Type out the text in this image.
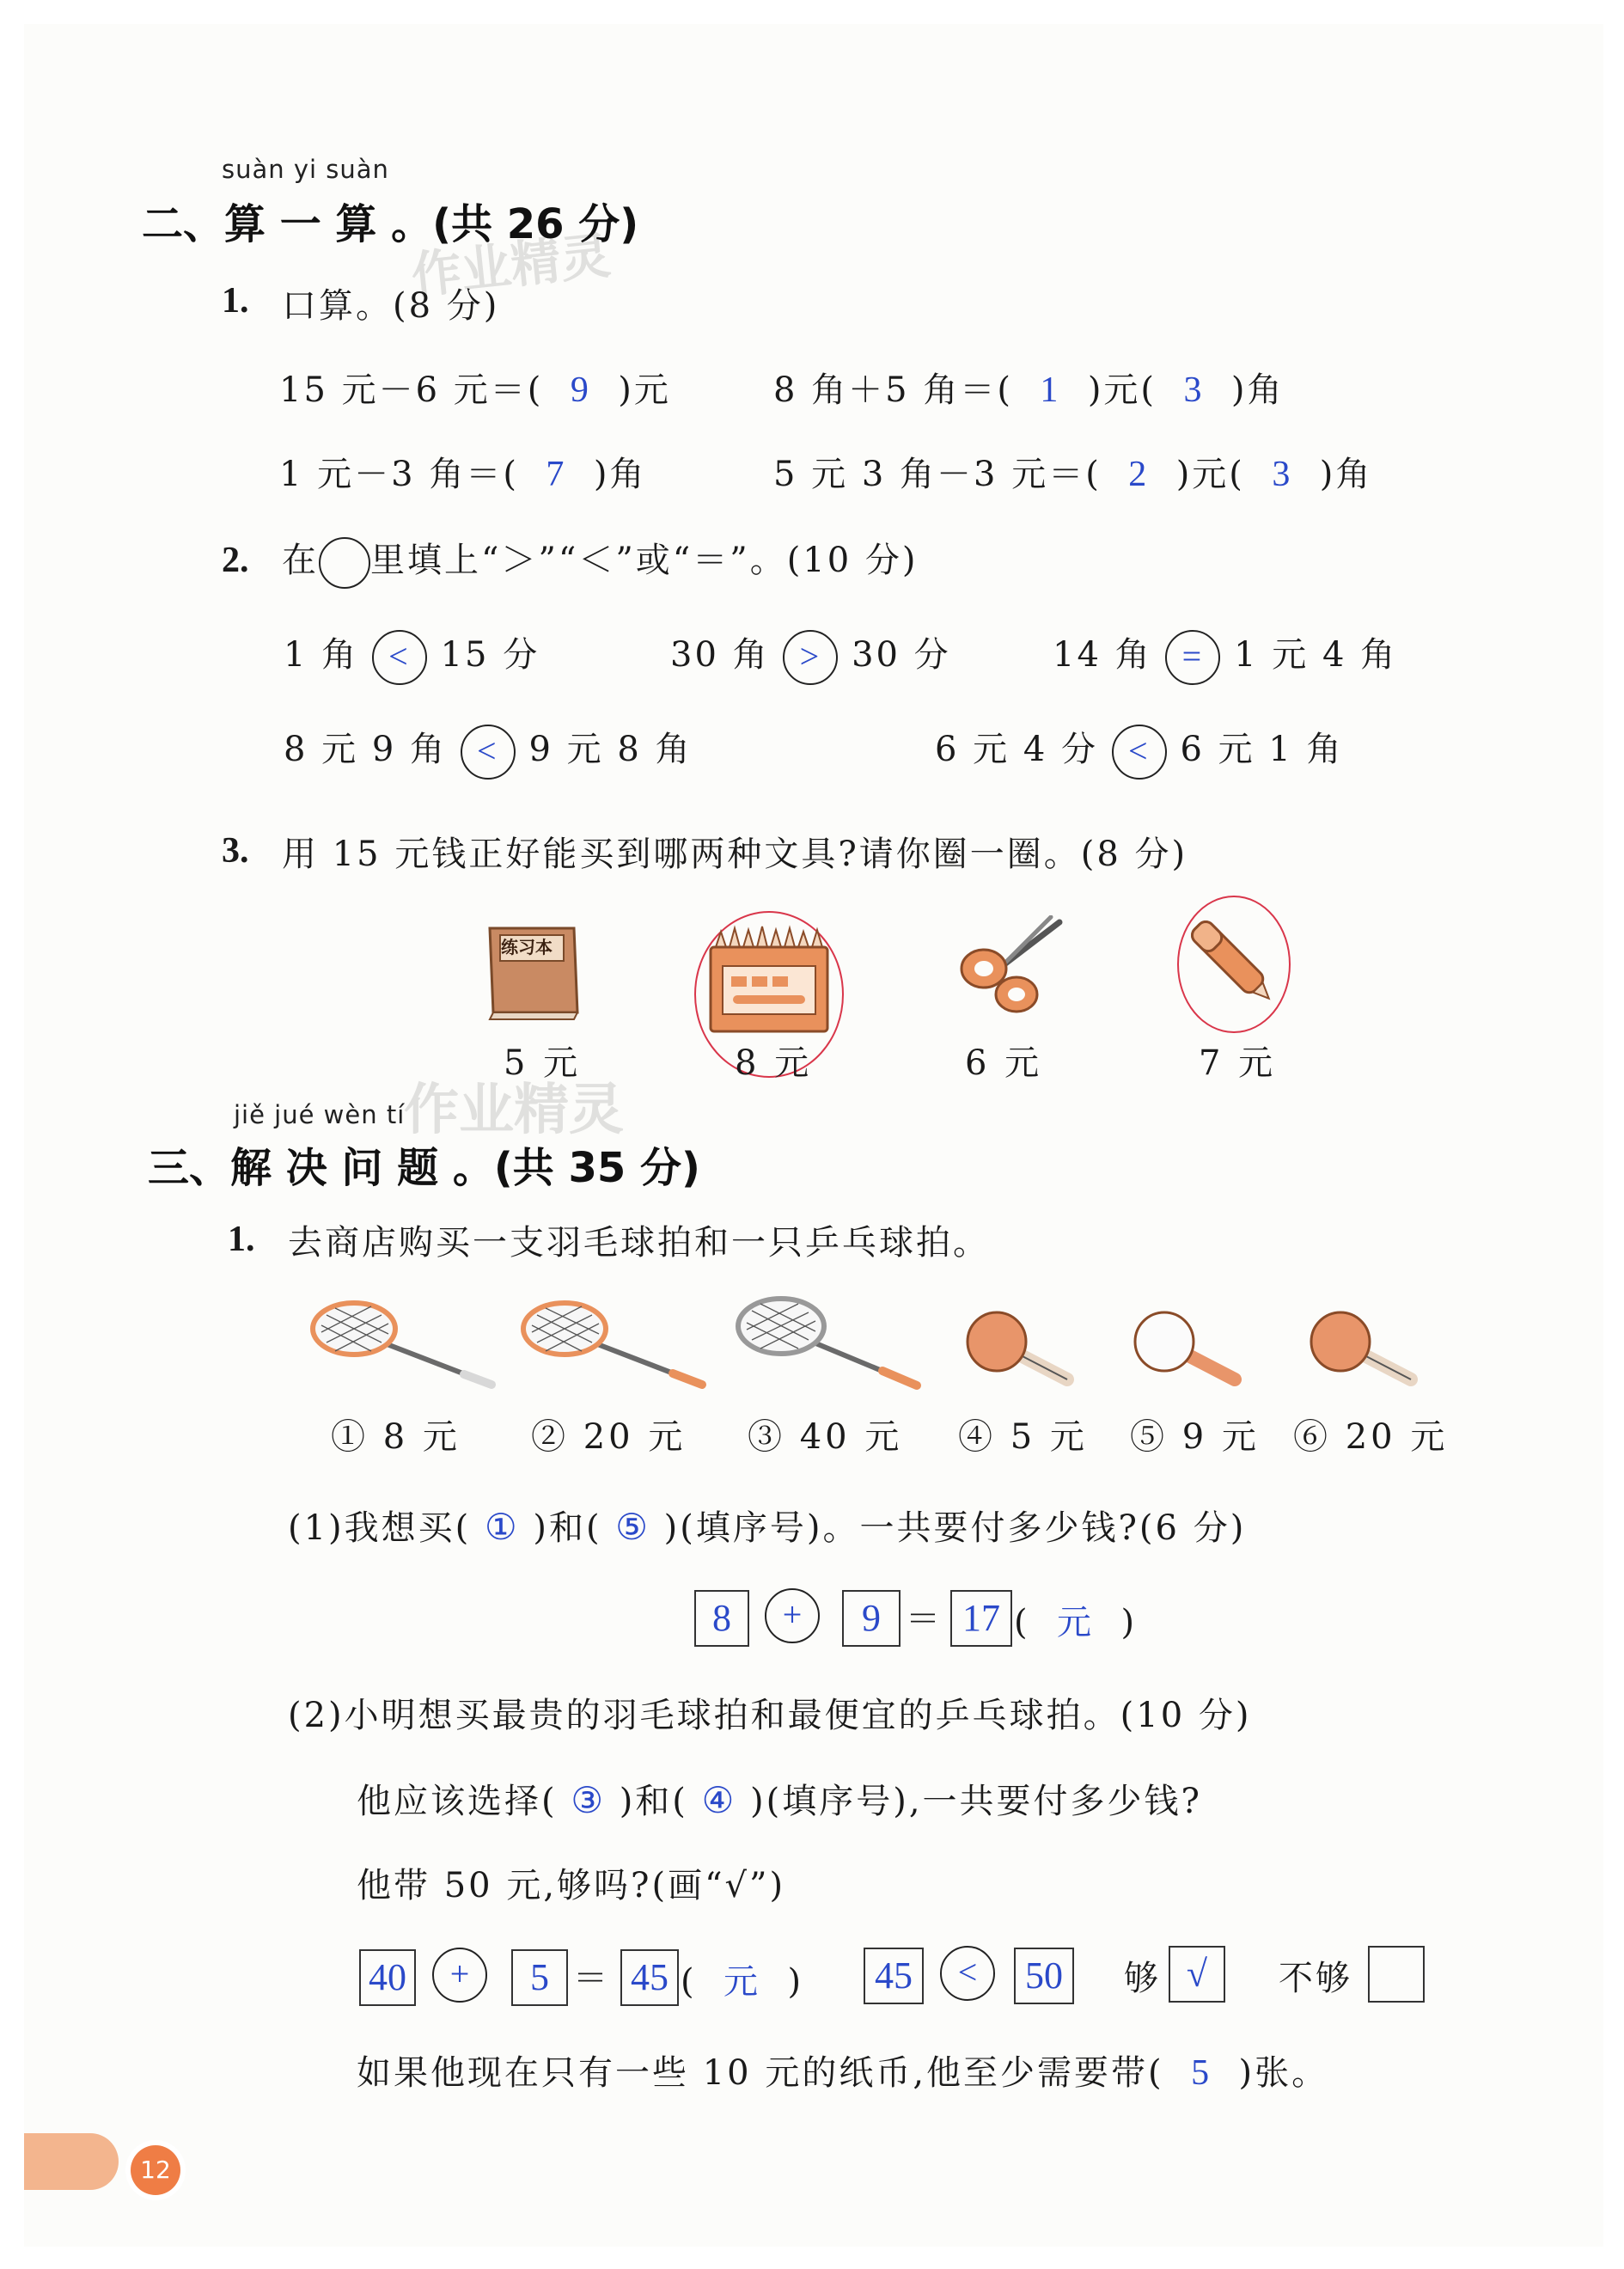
作业精灵
作业精灵
suàn yi suàn
二、算 一 算 。(共 26 分)
1. 口算。(8 分)
15 元－6 元＝( 9 )元	8 角＋5 角＝( 1 )元( 3 )角
1 元－3 角＝( 7 )角	5 元 3 角－3 元＝( 2 )元( 3 )角
2. 在 里填上“＞”“＜”或“＝”。(10 分)
1 角 < 15 分	30 角 > 30 分	14 角 = 1 元 4 角
8 元 9 角 < 9 元 8 角	6 元 4 分 < 6 元 1 角
3. 用 15 元钱正好能买到哪两种文具?请你圈一圈。(8 分)
练习本
5 元	8 元	6 元	7 元
jiě jué wèn tí
三、解 决 问 题 。(共 35 分)
1. 去商店购买一支羽毛球拍和一只乒乓球拍。
① 8 元 ② 20 元 ③ 40 元 ④ 5 元 ⑤ 9 元 ⑥ 20 元
(1)我想买( ① )和( ⑤ )(填序号)。一共要付多少钱?(6 分)
8	+	9 ＝ 17 ( 元 )
(2)小明想买最贵的羽毛球拍和最便宜的乒乓球拍。(10 分)
他应该选择( ③ )和( ④ )(填序号),一共要付多少钱?
他带 50 元,够吗?(画“√”)
40	+	5 ＝ 45 ( 元 ) 45	<	50	够 √	不够
如果他现在只有一些 10 元的纸币,他至少需要带( 5 )张。
12
